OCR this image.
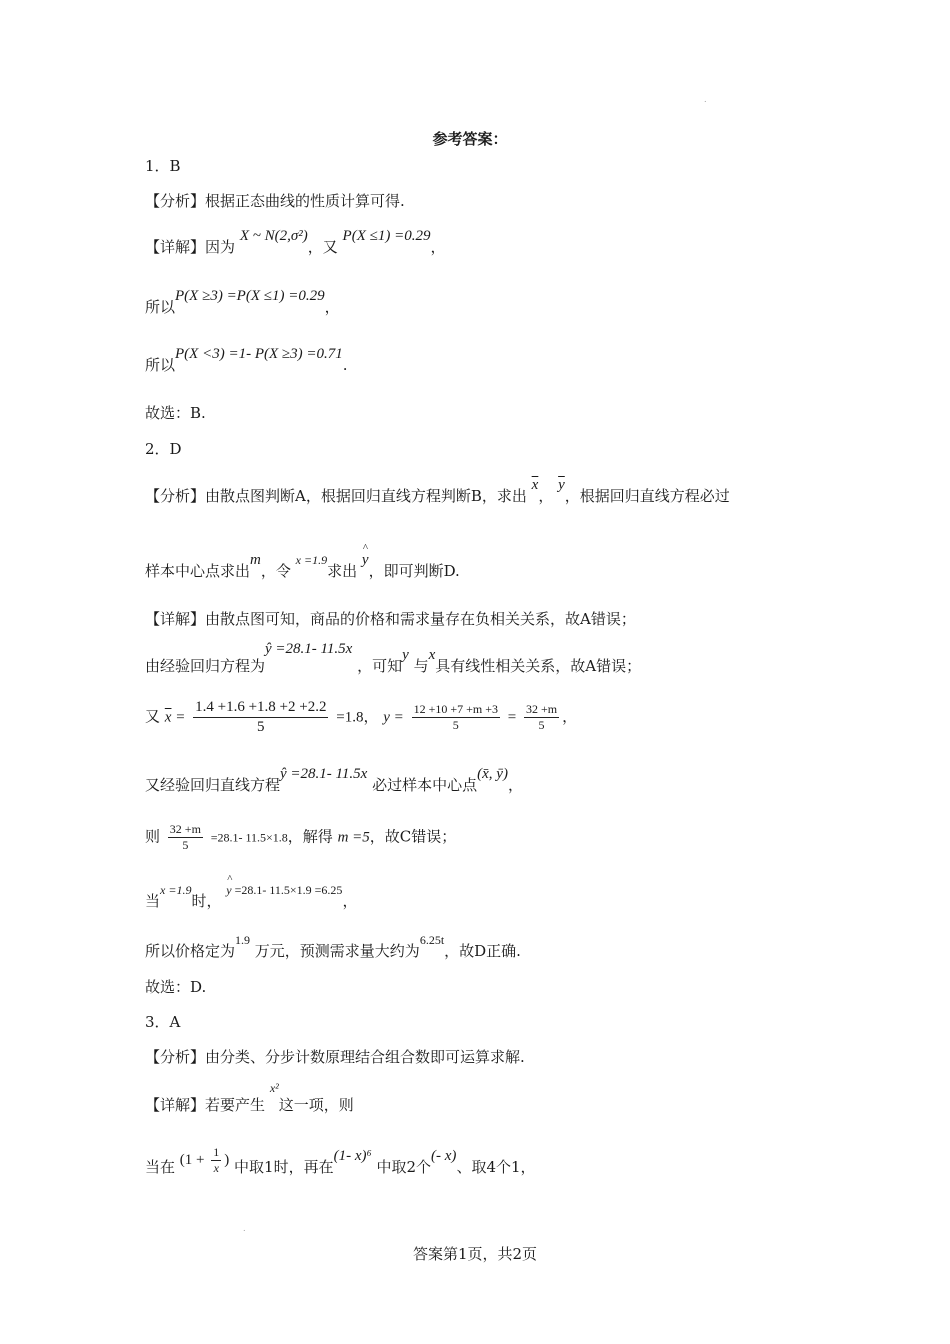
.
参考答案：
1．B
【分析】根据正态曲线的性质计算可得.
【详解】因为 X ~ N(2,σ²)，又 P(X ≤1) =0.29，
所以P(X ≥3) =P(X ≤1) =0.29，
所以P(X <3) =1- P(X ≥3) =0.71.
故选：B.
2．D
【分析】由散点图判断A，根据回归直线方程判断B，求出 $\overline{x}$， $\overline{y}$，根据回归直线方程必过
样本中心点求出m，令 $^{x =1.9}$求出 ^ y，即可判断D.
【详解】由散点图可知，商品的价格和需求量存在负相关关系，故A错误；
由经验回归方程为ŷ =28.1- 11.5x ，可知y 与x具有线性相关关系，故A错误；
又 $\overline{x} = \frac{1.4 +1.6 +1.8 +2 +2.2}{5} =1.8$， $y = \frac{12 +10 +7 +m +3}{5} = \frac{32 +m}{5}$ ，
又经验回归直线方程ŷ =28.1- 11.5x 必过样本中心点(x̄, ȳ)，
则 $\frac{32 +m}{5} =28.1-$ 11.5×1.8，解得 m =5，故C错误；
当$^{x =1.9}$时， ^ $^{y =28.1- 11.5\times 1.9 =6.25}$，
所以价格定为$^{1.9}$ 万元，预测需求量大约为$^{6.25t}$，故D正确.
故选：D.
3．A
【分析】由分类、分步计数原理结合组合数即可运算求解.
【详解】若要产生 $^{x^2}$这一项，则
当在 ($1 + \frac{1}{x}$ ) 中取1时，再在(1- x)⁶ 中取2个(- x)、取4个1，
.
答案第1页，共2页
